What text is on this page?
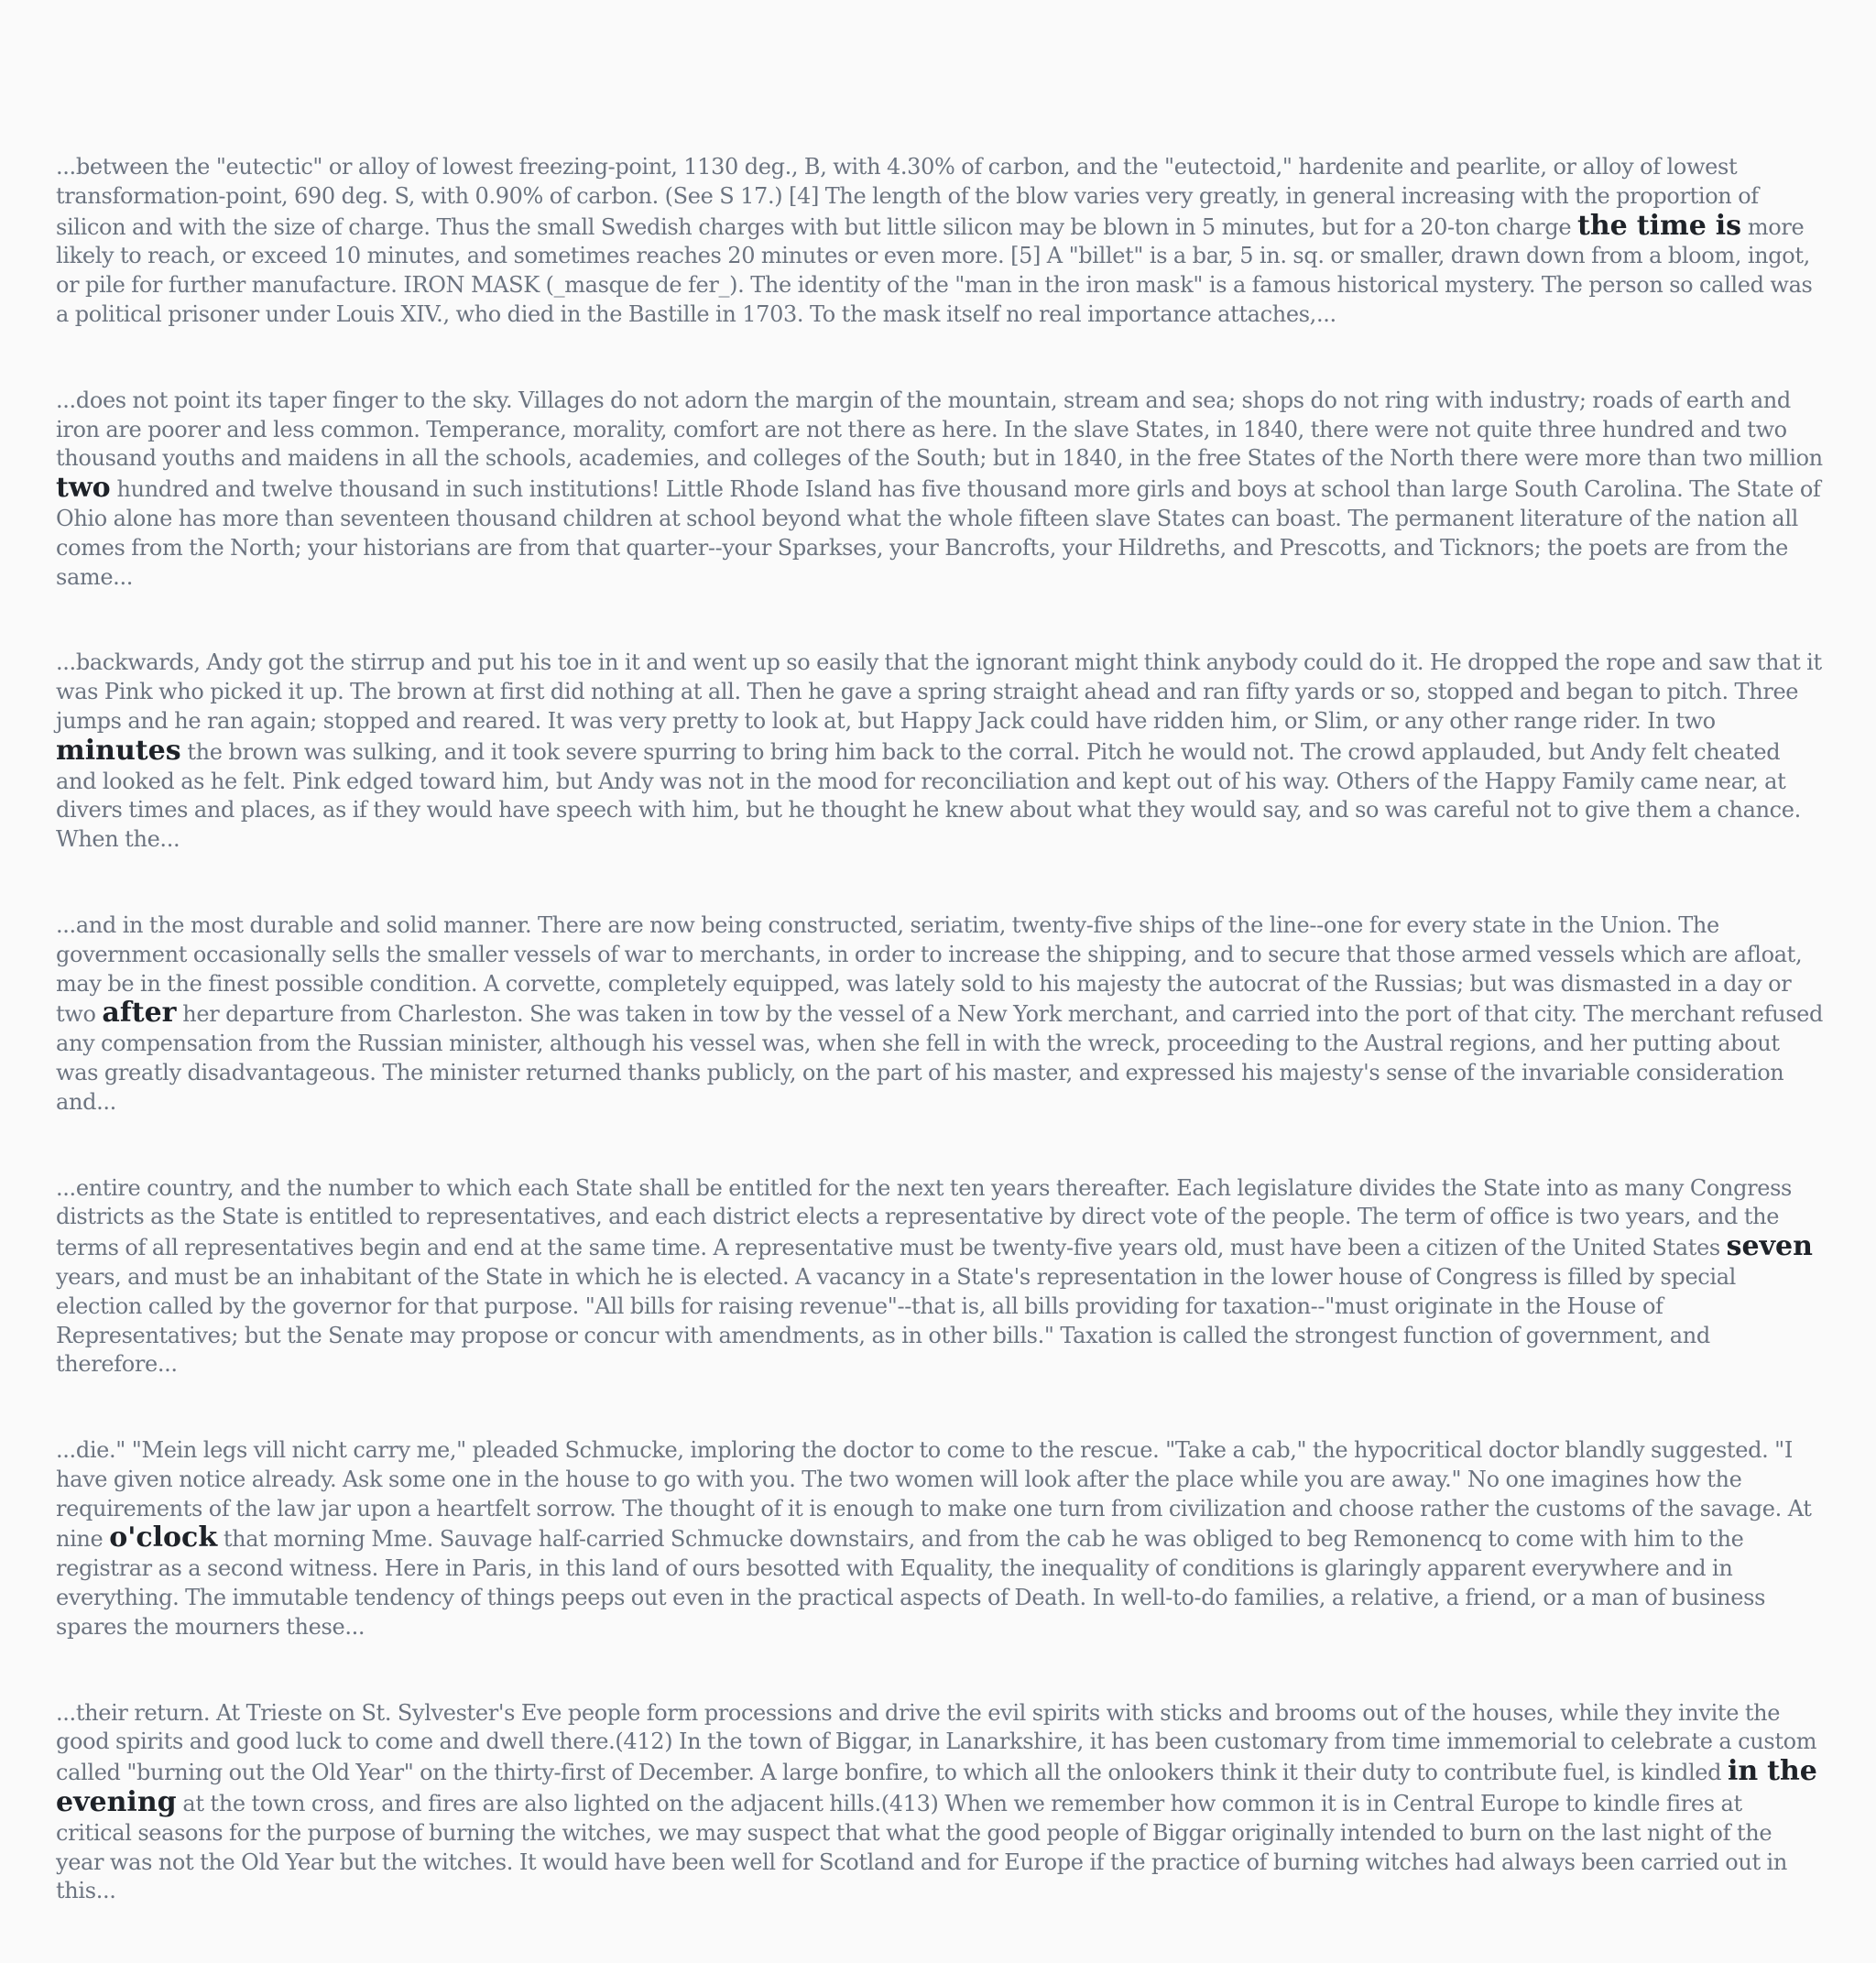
...between the "eutectic" or alloy of lowest freezing-point, 1130 deg., B, with 4.30% of carbon, and the "eutectoid," hardenite and pearlite, or alloy of lowest transformation-point, 690 deg. S, with 0.90% of carbon. (See S 17.) [4] The length of the blow varies very greatly, in general increasing with the proportion of silicon and with the size of charge. Thus the small Swedish charges with but little silicon may be blown in 5 minutes, but for a 20-ton charge the time is more likely to reach, or exceed 10 minutes, and sometimes reaches 20 minutes or even more. [5] A "billet" is a bar, 5 in. sq. or smaller, drawn down from a bloom, ingot, or pile for further manufacture. IRON MASK (_masque de fer_). The identity of the "man in the iron mask" is a famous historical mystery. The person so called was a political prisoner under Louis XIV., who died in the Bastille in 1703. To the mask itself no real importance attaches,...

...does not point its taper finger to the sky. Villages do not adorn the margin of the mountain, stream and sea; shops do not ring with industry; roads of earth and iron are poorer and less common. Temperance, morality, comfort are not there as here. In the slave States, in 1840, there were not quite three hundred and two thousand youths and maidens in all the schools, academies, and colleges of the South; but in 1840, in the free States of the North there were more than two million two hundred and twelve thousand in such institutions! Little Rhode Island has five thousand more girls and boys at school than large South Carolina. The State of Ohio alone has more than seventeen thousand children at school beyond what the whole fifteen slave States can boast. The permanent literature of the nation all comes from the North; your historians are from that quarter--your Sparkses, your Bancrofts, your Hildreths, and Prescotts, and Ticknors; the poets are from the same...

...backwards, Andy got the stirrup and put his toe in it and went up so easily that the ignorant might think anybody could do it. He dropped the rope and saw that it was Pink who picked it up. The brown at first did nothing at all. Then he gave a spring straight ahead and ran fifty yards or so, stopped and began to pitch. Three jumps and he ran again; stopped and reared. It was very pretty to look at, but Happy Jack could have ridden him, or Slim, or any other range rider. In two minutes the brown was sulking, and it took severe spurring to bring him back to the corral. Pitch he would not. The crowd applauded, but Andy felt cheated and looked as he felt. Pink edged toward him, but Andy was not in the mood for reconciliation and kept out of his way. Others of the Happy Family came near, at divers times and places, as if they would have speech with him, but he thought he knew about what they would say, and so was careful not to give them a chance. When the...

...and in the most durable and solid manner. There are now being constructed, seriatim, twenty-five ships of the line--one for every state in the Union. The government occasionally sells the smaller vessels of war to merchants, in order to increase the shipping, and to secure that those armed vessels which are afloat, may be in the finest possible condition. A corvette, completely equipped, was lately sold to his majesty the autocrat of the Russias; but was dismasted in a day or two after her departure from Charleston. She was taken in tow by the vessel of a New York merchant, and carried into the port of that city. The merchant refused any compensation from the Russian minister, although his vessel was, when she fell in with the wreck, proceeding to the Austral regions, and her putting about was greatly disadvantageous. The minister returned thanks publicly, on the part of his master, and expressed his majesty's sense of the invariable consideration and...

...entire country, and the number to which each State shall be entitled for the next ten years thereafter. Each legislature divides the State into as many Congress districts as the State is entitled to representatives, and each district elects a representative by direct vote of the people. The term of office is two years, and the terms of all representatives begin and end at the same time. A representative must be twenty-five years old, must have been a citizen of the United States seven years, and must be an inhabitant of the State in which he is elected. A vacancy in a State's representation in the lower house of Congress is filled by special election called by the governor for that purpose. "All bills for raising revenue"--that is, all bills providing for taxation--"must originate in the House of Representatives; but the Senate may propose or concur with amendments, as in other bills." Taxation is called the strongest function of government, and therefore...

...die." "Mein legs vill nicht carry me," pleaded Schmucke, imploring the doctor to come to the rescue. "Take a cab," the hypocritical doctor blandly suggested. "I have given notice already. Ask some one in the house to go with you. The two women will look after the place while you are away." No one imagines how the requirements of the law jar upon a heartfelt sorrow. The thought of it is enough to make one turn from civilization and choose rather the customs of the savage. At nine o'clock that morning Mme. Sauvage half-carried Schmucke downstairs, and from the cab he was obliged to beg Remonencq to come with him to the registrar as a second witness. Here in Paris, in this land of ours besotted with Equality, the inequality of conditions is glaringly apparent everywhere and in everything. The immutable tendency of things peeps out even in the practical aspects of Death. In well-to-do families, a relative, a friend, or a man of business spares the mourners these...

...their return. At Trieste on St. Sylvester's Eve people form processions and drive the evil spirits with sticks and brooms out of the houses, while they invite the good spirits and good luck to come and dwell there.(412) In the town of Biggar, in Lanarkshire, it has been customary from time immemorial to celebrate a custom called "burning out the Old Year" on the thirty-first of December. A large bonfire, to which all the onlookers think it their duty to contribute fuel, is kindled in the evening at the town cross, and fires are also lighted on the adjacent hills.(413) When we remember how common it is in Central Europe to kindle fires at critical seasons for the purpose of burning the witches, we may suspect that what the good people of Biggar originally intended to burn on the last night of the year was not the Old Year but the witches. It would have been well for Scotland and for Europe if the practice of burning witches had always been carried out in this...
